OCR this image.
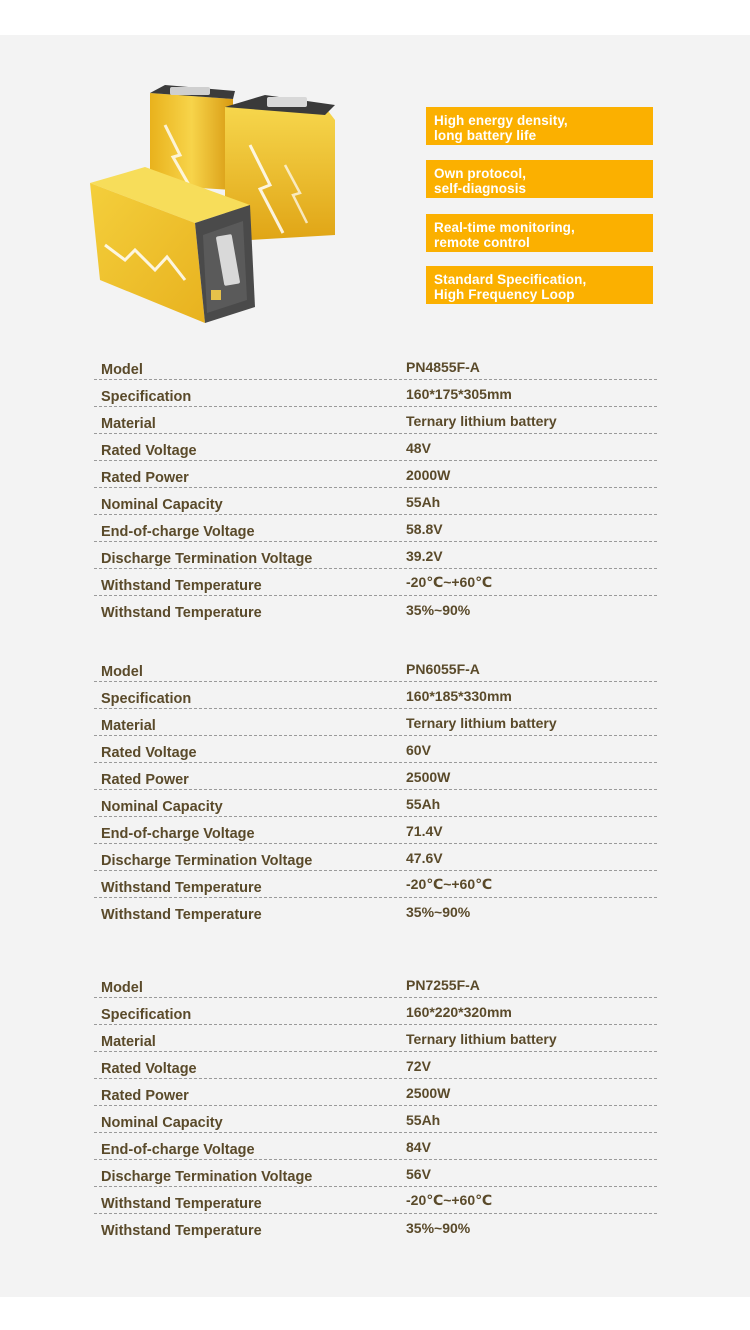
High energy density,
long battery life
Own protocol,
self-diagnosis
Real-time monitoring,
remote control
Standard Specification,
High Frequency Loop
Model	PN4855F-A
Specification	160*175*305mm
Material	Ternary lithium battery
Rated Voltage	48V
Rated Power	2000W
Nominal Capacity	55Ah
End-of-charge Voltage	58.8V
Discharge Termination Voltage	39.2V
Withstand Temperature	-20℃~+60℃
Withstand Temperature	35%~90%
Model	PN6055F-A
Specification	160*185*330mm
Material	Ternary lithium battery
Rated Voltage	60V
Rated Power	2500W
Nominal Capacity	55Ah
End-of-charge Voltage	71.4V
Discharge Termination Voltage	47.6V
Withstand Temperature	-20℃~+60℃
Withstand Temperature	35%~90%
Model	PN7255F-A
Specification	160*220*320mm
Material	Ternary lithium battery
Rated Voltage	72V
Rated Power	2500W
Nominal Capacity	55Ah
End-of-charge Voltage	84V
Discharge Termination Voltage	56V
Withstand Temperature	-20℃~+60℃
Withstand Temperature	35%~90%
